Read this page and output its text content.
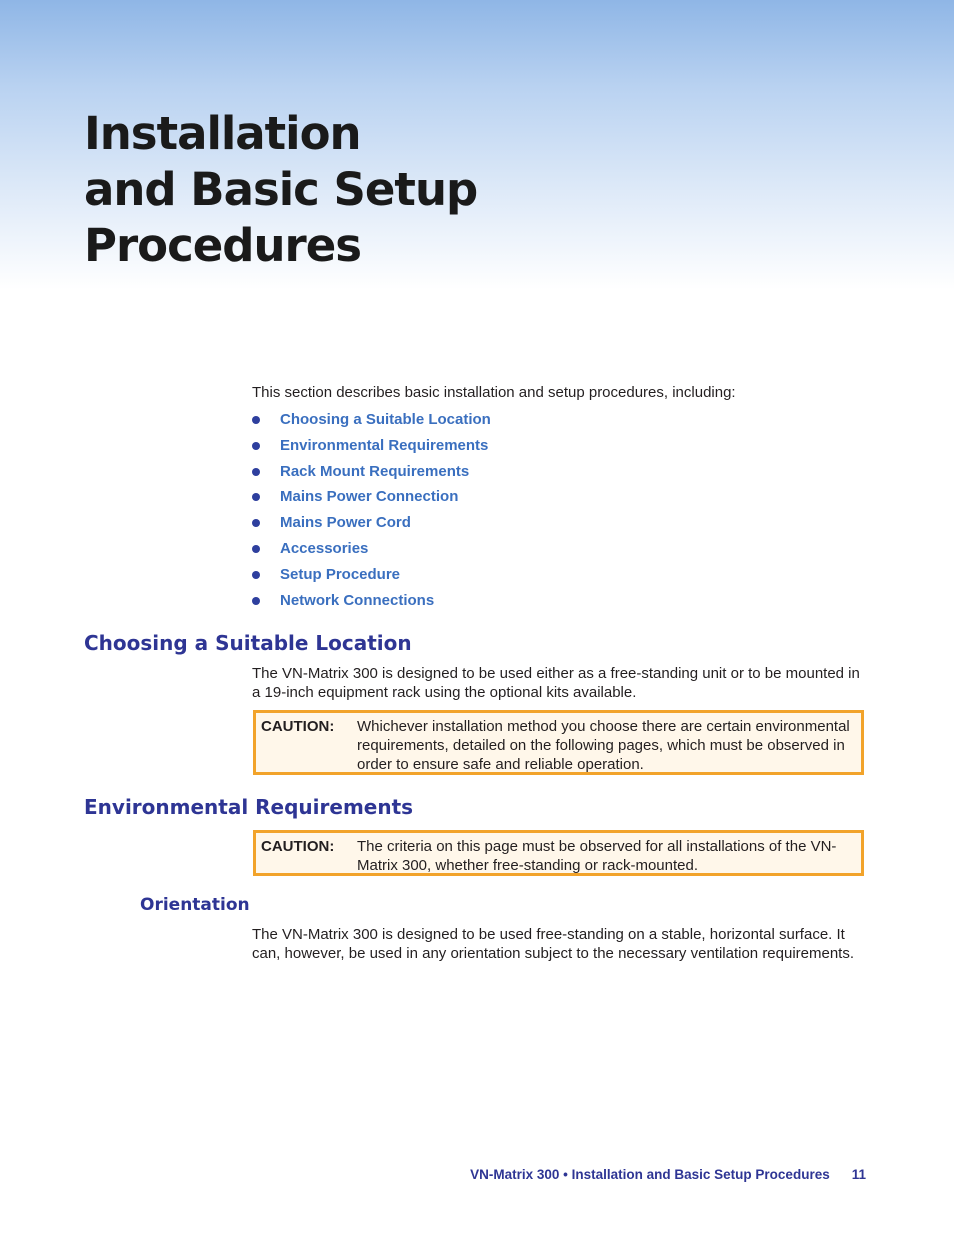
Installation
and Basic Setup
Procedures

This section describes basic installation and setup procedures, including:

Choosing a Suitable Location
Environmental Requirements
Rack Mount Requirements
Mains Power Connection
Mains Power Cord
Accessories
Setup Procedure
Network Connections
Choosing a Suitable Location

The VN-Matrix 300 is designed to be used either as a free-standing unit or to be mounted in a 19-inch equipment rack using the optional kits available.

CAUTION: Whichever installation method you choose there are certain environmental requirements, detailed on the following pages, which must be observed in order to ensure safe and reliable operation.

Environmental Requirements
CAUTION: The criteria on this page must be observed for all installations of the VN-Matrix 300, whether free-standing or rack-mounted.

Orientation

The VN-Matrix 300 is designed to be used free-standing on a stable, horizontal surface. It can, however, be used in any orientation subject to the necessary ventilation requirements.

VN-Matrix 300 • Installation and Basic Setup Procedures 11
